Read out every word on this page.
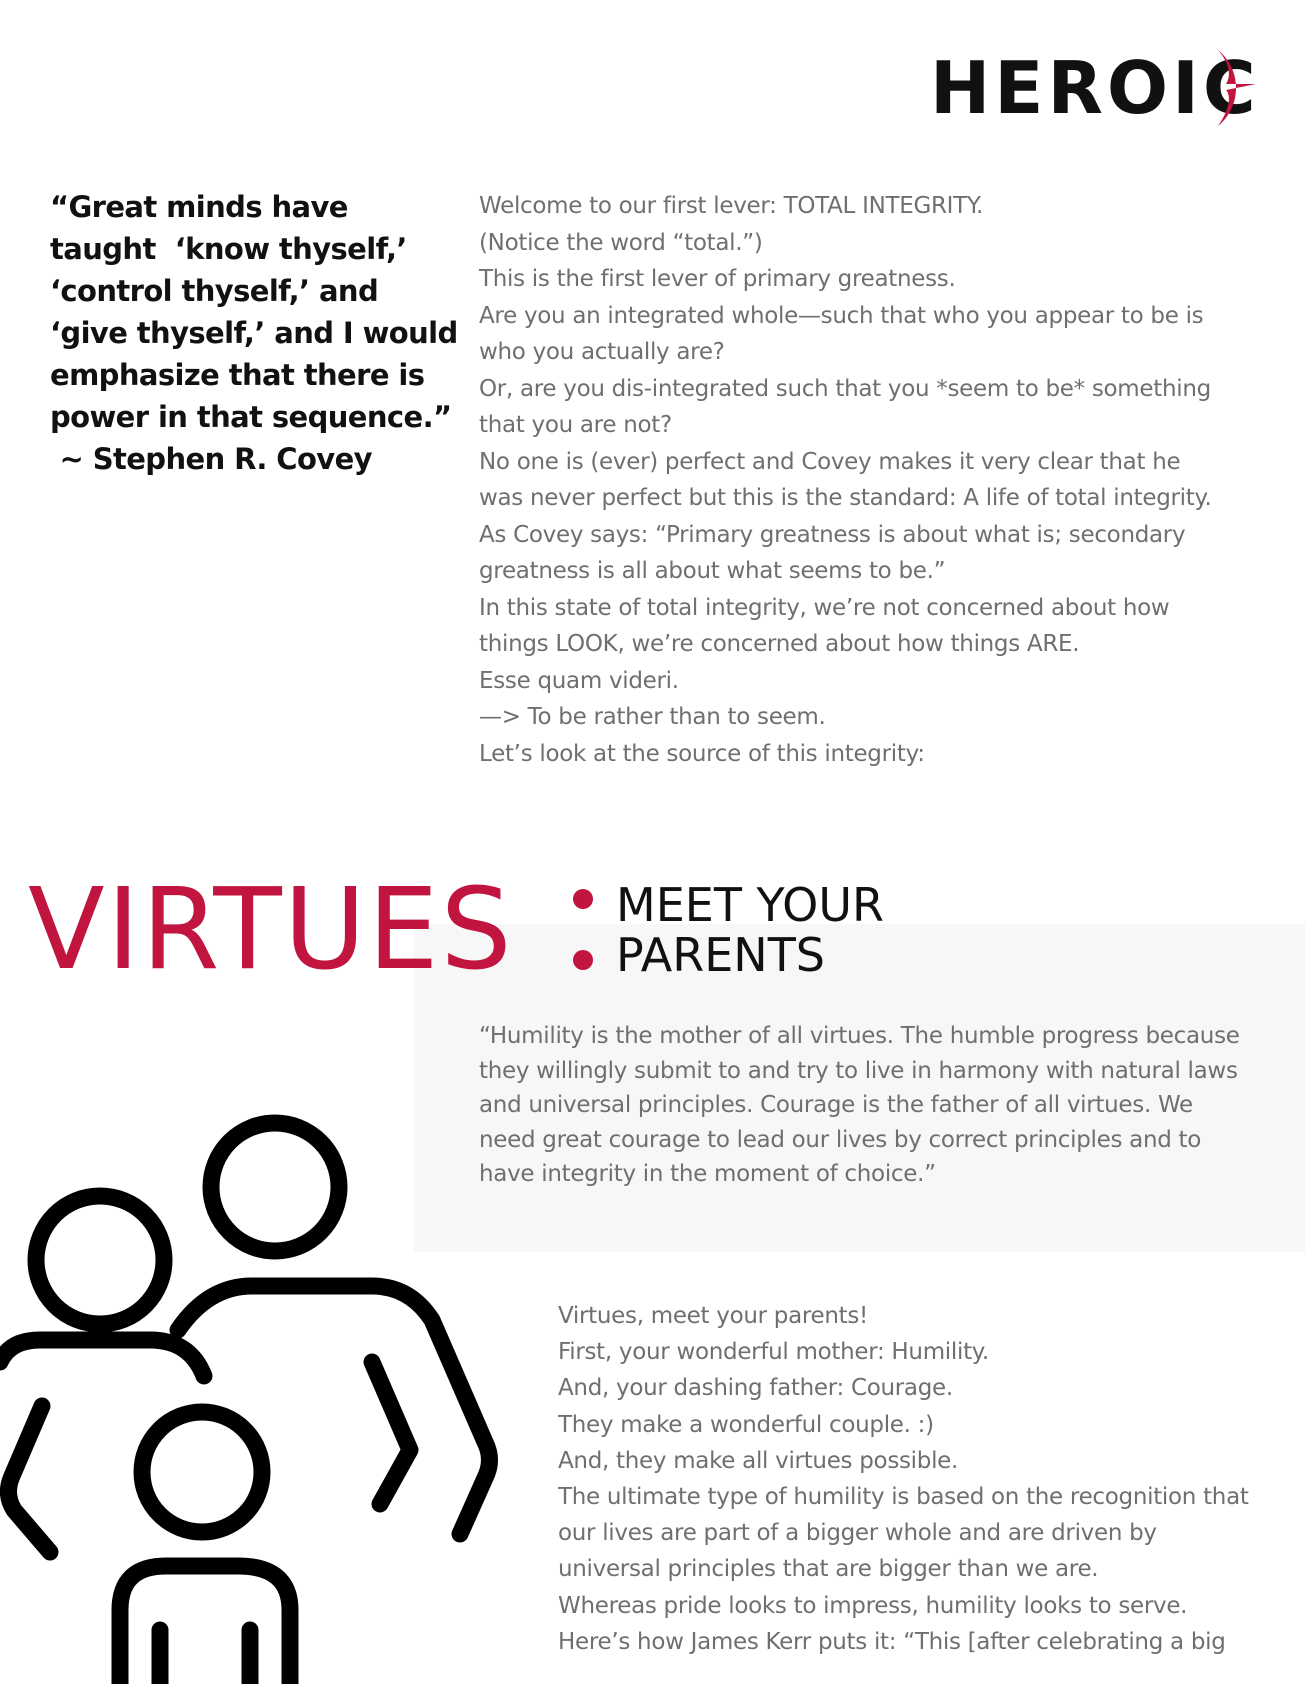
HEROIC
“Great minds have
taught  ‘know thyself,’
‘control thyself,’ and
‘give thyself,’ and I would
emphasize that there is
power in that sequence.”
~ Stephen R. Covey
Welcome to our first lever: TOTAL INTEGRITY.
(Notice the word “total.”)
This is the first lever of primary greatness.
Are you an integrated whole—such that who you appear to be is
who you actually are?
Or, are you dis-integrated such that you *seem to be* something
that you are not?
No one is (ever) perfect and Covey makes it very clear that he
was never perfect but this is the standard: A life of total integrity.
As Covey says: “Primary greatness is about what is; secondary
greatness is all about what seems to be.”
In this state of total integrity, we’re not concerned about how
things LOOK, we’re concerned about how things ARE.
Esse quam videri.
—> To be rather than to seem.
Let’s look at the source of this integrity:
VIRTUES MEET YOUR
PARENTS
“Humility is the mother of all virtues. The humble progress because
they willingly submit to and try to live in harmony with natural laws
and universal principles. Courage is the father of all virtues. We
need great courage to lead our lives by correct principles and to
have integrity in the moment of choice.”
Virtues, meet your parents!
First, your wonderful mother: Humility.
And, your dashing father: Courage.
They make a wonderful couple. :)
And, they make all virtues possible.
The ultimate type of humility is based on the recognition that
our lives are part of a bigger whole and are driven by
universal principles that are bigger than we are.
Whereas pride looks to impress, humility looks to serve.
Here’s how James Kerr puts it: “This [after celebrating a big
